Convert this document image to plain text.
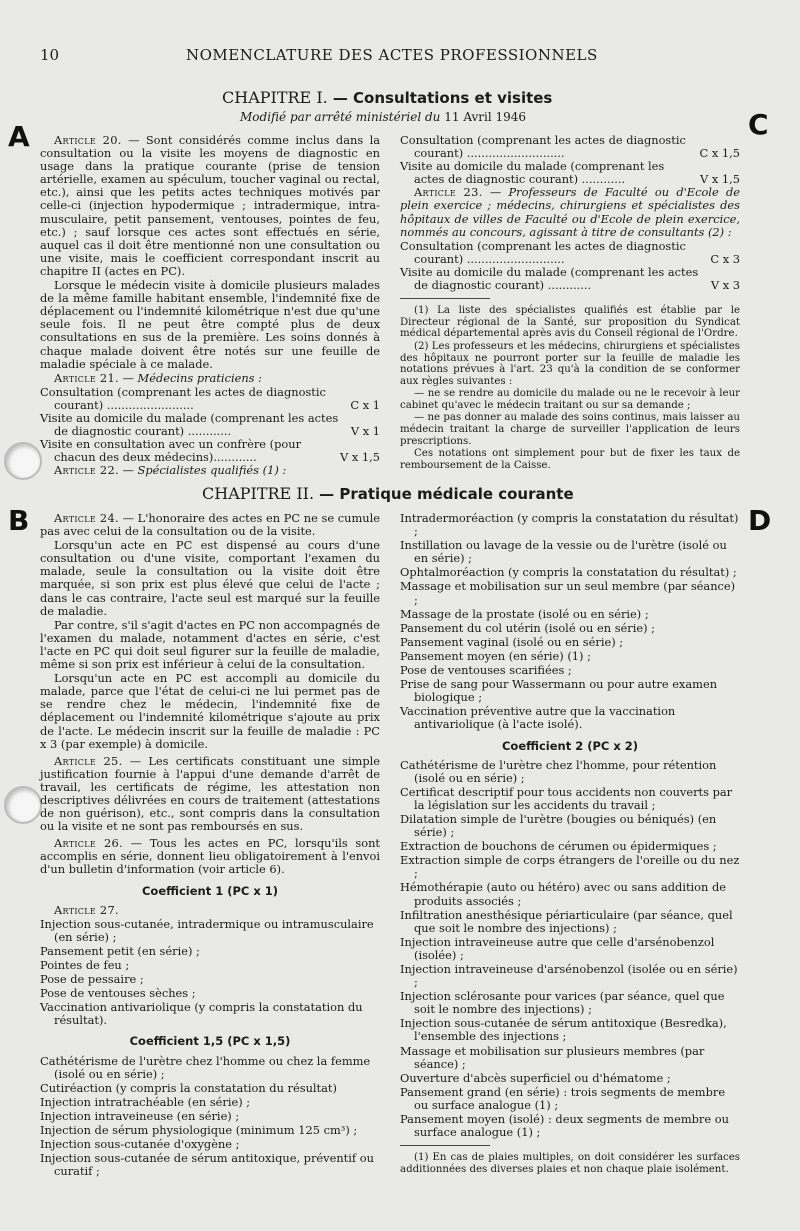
10	NOMENCLATURE DES ACTES PROFESSIONNELS
A	C
B	D
CHAPITRE I. — Consultations et visites
Modifié par arrêté ministériel du 11 Avril 1946

Article 20. — Sont considérés comme inclus dans la consultation ou la visite les moyens de diagnostic en usage dans la pratique courante (prise de tension artérielle, examen au spéculum, toucher vaginal ou rectal, etc.), ainsi que les petits actes techniques motivés par celle-ci (injection hypodermique ; intradermique, intra-musculaire, petit pansement, ventouses, pointes de feu, etc.) ; sauf lorsque ces actes sont effectués en série, auquel cas il doit être mentionné non une consultation ou une visite, mais le coefficient correspondant inscrit au chapitre II (actes en PC).

Lorsque le médecin visite à domicile plusieurs malades de la même famille habitant ensemble, l'indemnité fixe de déplacement ou l'indemnité kilométrique n'est due qu'une seule fois. Il ne peut être compté plus de deux consultations en sus de la première. Les soins donnés à chaque malade doivent être notés sur une feuille de maladie spéciale à ce malade.

Article 21. — Médecins praticiens :

Consultation (comprenant les actes de diagnostic courant) ........................	C x 1
Visite au domicile du malade (comprenant les actes de diagnostic courant) ............	V x 1
Visite en consultation avec un confrère (pour chacun des deux médecins)............	V x 1,5

Article 22. — Spécialistes qualifiés (1) :

Consultation (comprenant les actes de diagnostic courant) ...........................	C x 1,5
Visite au domicile du malade (comprenant les actes de diagnostic courant) ............	V x 1,5

Article 23. — Professeurs de Faculté ou d'Ecole de plein exercice ; médecins, chirurgiens et spécialistes des hôpitaux de villes de Faculté ou d'Ecole de plein exercice, nommés au concours, agissant à titre de consultants (2) :

Consultation (comprenant les actes de diagnostic courant) ...........................	C x 3
Visite au domicile du malade (comprenant les actes de diagnostic courant) ............	V x 3

(1) La liste des spécialistes qualifiés est établie par le Directeur régional de la Santé, sur proposition du Syndicat médical départemental après avis du Conseil régional de l'Ordre.

(2) Les professeurs et les médecins, chirurgiens et spécialistes des hôpitaux ne pourront porter sur la feuille de maladie les notations prévues à l'art. 23 qu'à la condition de se conformer aux règles suivantes :

— ne se rendre au domicile du malade ou ne le recevoir à leur cabinet qu'avec le médecin traitant ou sur sa demande ;

— ne pas donner au malade des soins continus, mais laisser au médecin traitant la charge de surveiller l'application de leurs prescriptions.

Ces notations ont simplement pour but de fixer les taux de remboursement de la Caisse.

CHAPITRE II. — Pratique médicale courante

Article 24. — L'honoraire des actes en PC ne se cumule pas avec celui de la consultation ou de la visite.

Lorsqu'un acte en PC est dispensé au cours d'une consultation ou d'une visite, comportant l'examen du malade, seule la consultation ou la visite doit être marquée, si son prix est plus élevé que celui de l'acte ; dans le cas contraire, l'acte seul est marqué sur la feuille de maladie.

Par contre, s'il s'agit d'actes en PC non accompagnés de l'examen du malade, notamment d'actes en série, c'est l'acte en PC qui doit seul figurer sur la feuille de maladie, même si son prix est inférieur à celui de la consultation.

Lorsqu'un acte en PC est accompli au domicile du malade, parce que l'état de celui-ci ne lui permet pas de se rendre chez le médecin, l'indemnité fixe de déplacement ou l'indemnité kilométrique s'ajoute au prix de l'acte. Le médecin inscrit sur la feuille de maladie : PC x 3 (par exemple) à domicile.

Article 25. — Les certificats constituant une simple justification fournie à l'appui d'une demande d'arrêt de travail, les certificats de régime, les attestation non descriptives délivrées en cours de traitement (attestations de non guérison), etc., sont compris dans la consultation ou la visite et ne sont pas remboursés en sus.

Article 26. — Tous les actes en PC, lorsqu'ils sont accomplis en série, donnent lieu obligatoirement à l'envoi d'un bulletin d'information (voir article 6).

Coefficient 1 (PC x 1)

Article 27.

Injection sous-cutanée, intradermique ou intramusculaire (en série) ;

Pansement petit (en série) ;

Pointes de feu ;

Pose de pessaire ;

Pose de ventouses sèches ;

Vaccination antivariolique (y compris la constatation du résultat).

Coefficient 1,5 (PC x 1,5)

Cathétérisme de l'urètre chez l'homme ou chez la femme (isolé ou en série) ;

Cutiréaction (y compris la constatation du résultat)

Injection intratrachéable (en série) ;

Injection intraveineuse (en série) ;

Injection de sérum physiologique (minimum 125 cm³) ;

Injection sous-cutanée d'oxygène ;

Injection sous-cutanée de sérum antitoxique, préventif ou curatif ;

Intradermoréaction (y compris la constatation du résultat) ;

Instillation ou lavage de la vessie ou de l'urètre (isolé ou en série) ;

Ophtalmoréaction (y compris la constatation du résultat) ;

Massage et mobilisation sur un seul membre (par séance) ;

Massage de la prostate (isolé ou en série) ;

Pansement du col utérin (isolé ou en série) ;

Pansement vaginal (isolé ou en série) ;

Pansement moyen (en série) (1) ;

Pose de ventouses scarifiées ;

Prise de sang pour Wassermann ou pour autre examen biologique ;

Vaccination préventive autre que la vaccination antivariolique (à l'acte isolé).

Coefficient 2 (PC x 2)

Cathétérisme de l'urètre chez l'homme, pour rétention (isolé ou en série) ;

Certificat descriptif pour tous accidents non couverts par la législation sur les accidents du travail ;

Dilatation simple de l'urètre (bougies ou béniqués) (en série) ;

Extraction de bouchons de cérumen ou épidermiques ;

Extraction simple de corps étrangers de l'oreille ou du nez ;

Hémothérapie (auto ou hétéro) avec ou sans addition de produits associés ;

Infiltration anesthésique périarticulaire (par séance, quel que soit le nombre des injections) ;

Injection intraveineuse autre que celle d'arsénobenzol (isolée) ;

Injection intraveineuse d'arsénobenzol (isolée ou en série) ;

Injection sclérosante pour varices (par séance, quel que soit le nombre des injections) ;

Injection sous-cutanée de sérum antitoxique (Besredka), l'ensemble des injections ;

Massage et mobilisation sur plusieurs membres (par séance) ;

Ouverture d'abcès superficiel ou d'hématome ;

Pansement grand (en série) : trois segments de membre ou surface analogue (1) ;

Pansement moyen (isolé) : deux segments de membre ou surface analogue (1) ;

(1) En cas de plaies multiples, on doit considérer les surfaces additionnées des diverses plaies et non chaque plaie isolément.
